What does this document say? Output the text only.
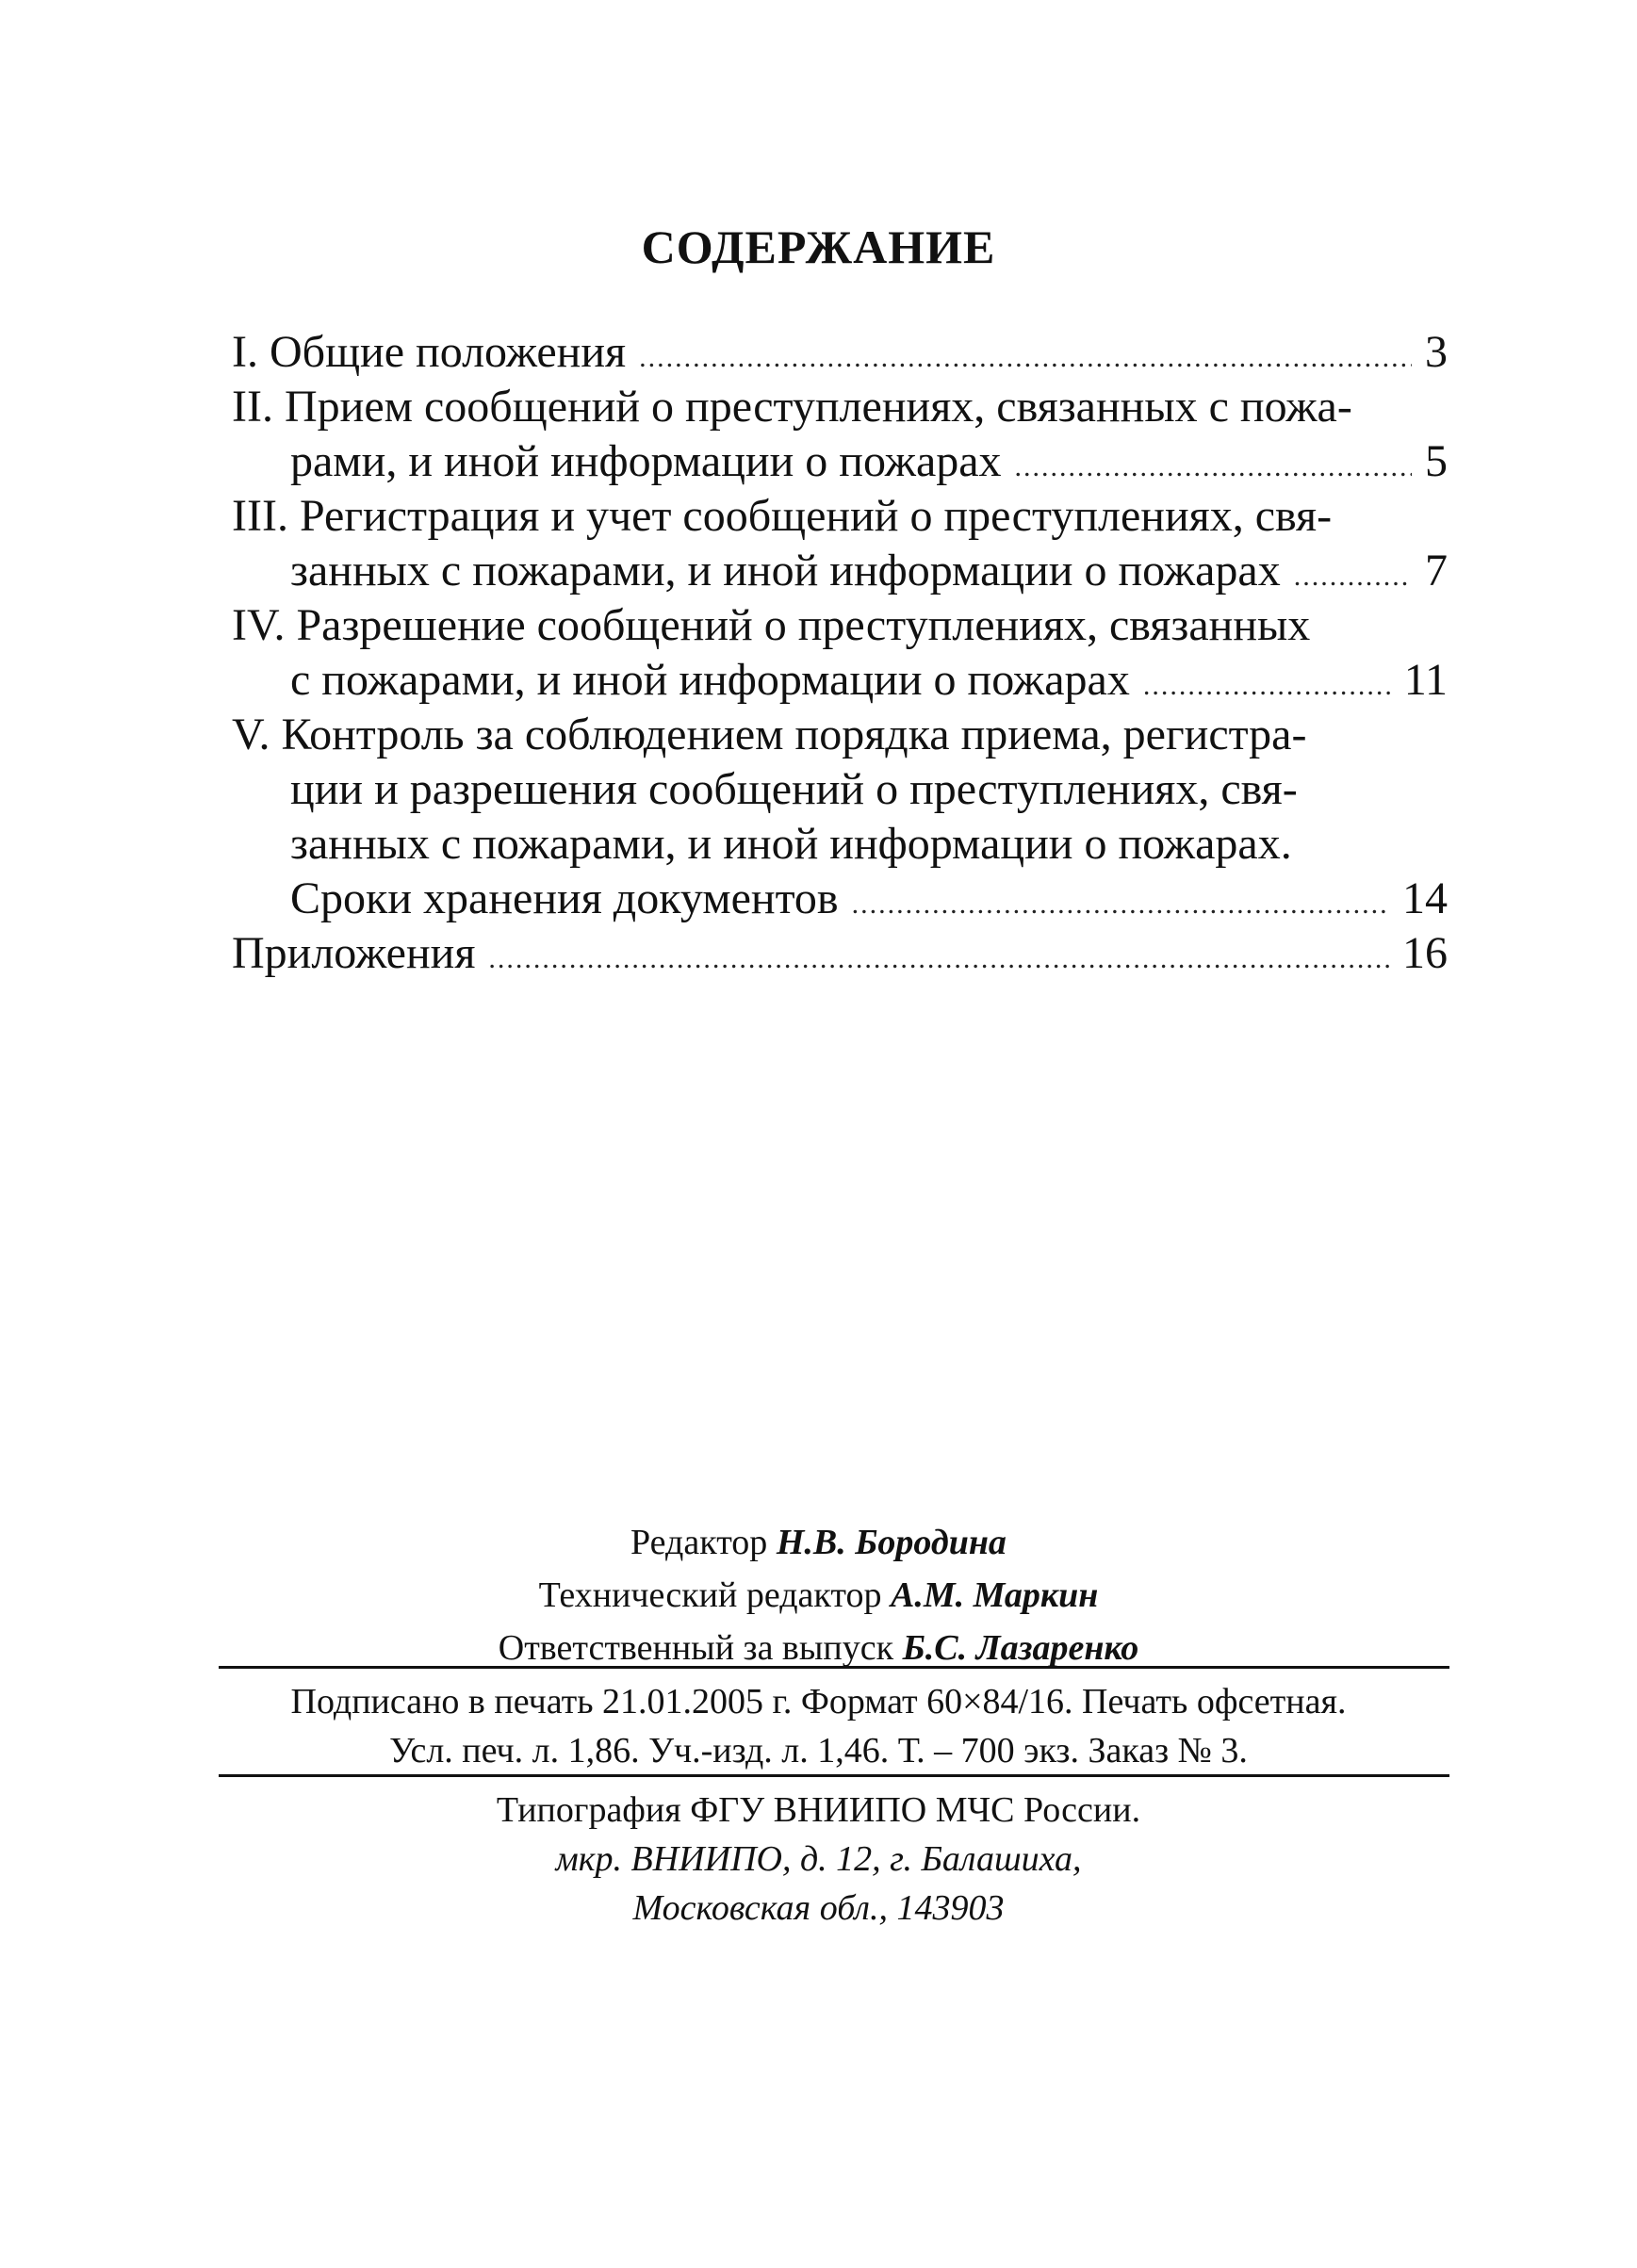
СОДЕРЖАНИЕ
I. Общие положения .....	3
II. Прием сообщений о преступлениях, связанных с пожа-
рами, и иной информации о пожарах .....	5
III. Регистрация и учет сообщений о преступлениях, свя-
занных с пожарами, и иной информации о пожарах .....	7
IV. Разрешение сообщений о преступлениях, связанных
с пожарами, и иной информации о пожарах .....	11
V. Контроль за соблюдением порядка приема, регистра-
ции и разрешения сообщений о преступлениях, свя-
занных с пожарами, и иной информации о пожарах.
Сроки хранения документов .....	14
Приложения .....	16
Редактор Н.В. Бородина
Технический редактор А.М. Маркин
Ответственный за выпуск Б.С. Лазаренко
Подписано в печать 21.01.2005 г. Формат 60×84/16. Печать офсетная.
Усл. печ. л. 1,86. Уч.-изд. л. 1,46. Т. – 700 экз. Заказ № 3.
Типография ФГУ ВНИИПО МЧС России.
мкр. ВНИИПО, д. 12, г. Балашиха,
Московская обл., 143903
